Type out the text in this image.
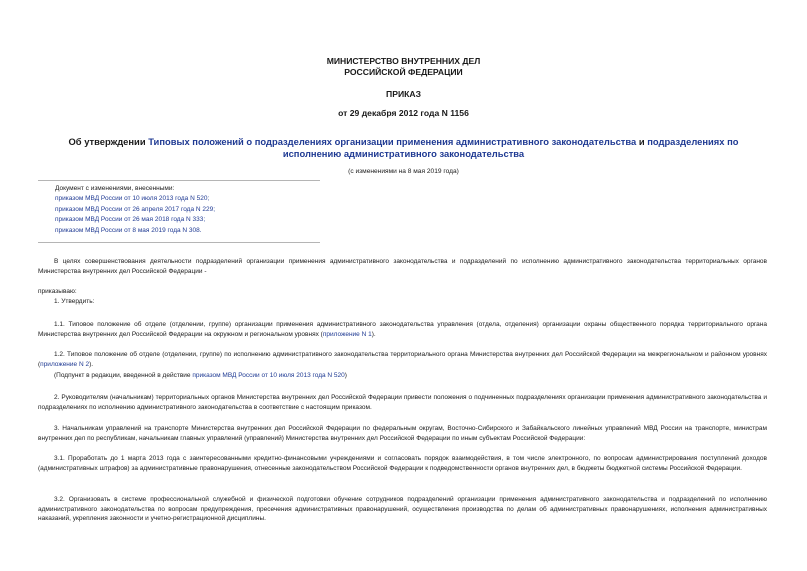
МИНИСТЕРСТВО ВНУТРЕННИХ ДЕЛ
РОССИЙСКОЙ ФЕДЕРАЦИИ
ПРИКАЗ
от 29 декабря 2012 года N 1156
Об утверждении Типовых положений о подразделениях организации применения административного законодательства и подразделениях по исполнению административного законодательства
(с изменениями на 8 мая 2019 года)
Документ с изменениями, внесенными:
приказом МВД России от 10 июля 2013 года N 520;
приказом МВД России от 26 апреля 2017 года N 229;
приказом МВД России от 26 мая 2018 года N 333;
приказом МВД России от 8 мая 2019 года N 308.
В целях совершенствования деятельности подразделений организации применения административного законодательства и подразделений по исполнению административного законодательства территориальных органов Министерства внутренних дел Российской Федерации -
приказываю:
1. Утвердить:
1.1. Типовое положение об отделе (отделении, группе) организации применения административного законодательства управления (отдела, отделения) организации охраны общественного порядка территориального органа Министерства внутренних дел Российской Федерации на окружном и региональном уровнях (приложение N 1).
1.2. Типовое положение об отделе (отделении, группе) по исполнению административного законодательства территориального органа Министерства внутренних дел Российской Федерации на межрегиональном и районном уровнях (приложение N 2).
(Подпункт в редакции, введенной в действие приказом МВД России от 10 июля 2013 года N 520)
2. Руководителям (начальникам) территориальных органов Министерства внутренних дел Российской Федерации привести положения о подчиненных подразделениях организации применения административного законодательства и подразделениях по исполнению административного законодательства в соответствие с настоящим приказом.
3. Начальникам управлений на транспорте Министерства внутренних дел Российской Федерации по федеральным округам, Восточно-Сибирского и Забайкальского линейных управлений МВД России на транспорте, министрам внутренних дел по республикам, начальникам главных управлений (управлений) Министерства внутренних дел Российской Федерации по иным субъектам Российской Федерации:
3.1. Проработать до 1 марта 2013 года с заинтересованными кредитно-финансовыми учреждениями и согласовать порядок взаимодействия, в том числе электронного, по вопросам администрирования поступлений доходов (административных штрафов) за административные правонарушения, отнесенные законодательством Российской Федерации к подведомственности органов внутренних дел, в бюджеты бюджетной системы Российской Федерации.
3.2. Организовать в системе профессиональной служебной и физической подготовки обучение сотрудников подразделений организации применения административного законодательства и подразделений по исполнению административного законодательства по вопросам предупреждения, пресечения административных правонарушений, осуществления производства по делам об административных правонарушениях, исполнения административных наказаний, укрепления законности и учетно-регистрационной дисциплины.
